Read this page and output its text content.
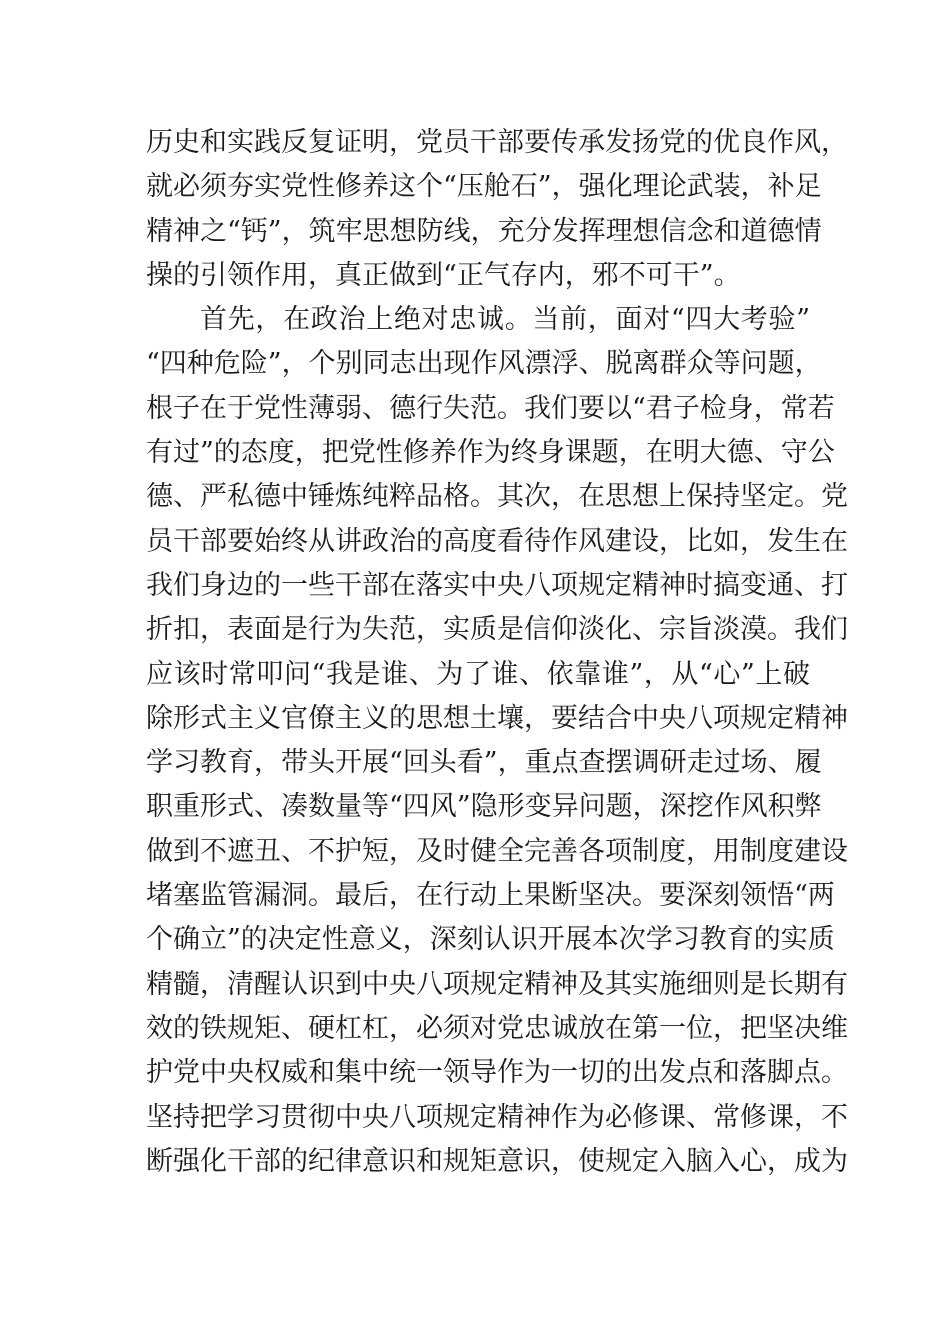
历史和实践反复证明，党员干部要传承发扬党的优良作风，
就必须夯实党性修养这个“压舱石”，强化理论武装，补足
精神之“钙”，筑牢思想防线，充分发挥理想信念和道德情
操的引领作用，真正做到“正气存内，邪不可干”。
首先，在政治上绝对忠诚。当前，面对“四大考验”
“四种危险”，个别同志出现作风漂浮、脱离群众等问题，
根子在于党性薄弱、德行失范。我们要以“君子检身，常若
有过”的态度，把党性修养作为终身课题，在明大德、守公
德、严私德中锤炼纯粹品格。其次，在思想上保持坚定。党
员干部要始终从讲政治的高度看待作风建设，比如，发生在
我们身边的一些干部在落实中央八项规定精神时搞变通、打
折扣，表面是行为失范，实质是信仰淡化、宗旨淡漠。我们
应该时常叩问“我是谁、为了谁、依靠谁”，从“心”上破
除形式主义官僚主义的思想土壤，要结合中央八项规定精神
学习教育，带头开展“回头看”，重点查摆调研走过场、履
职重形式、凑数量等“四风”隐形变异问题，深挖作风积弊
做到不遮丑、不护短，及时健全完善各项制度，用制度建设
堵塞监管漏洞。最后，在行动上果断坚决。要深刻领悟“两
个确立”的决定性意义，深刻认识开展本次学习教育的实质
精髓，清醒认识到中央八项规定精神及其实施细则是长期有
效的铁规矩、硬杠杠，必须对党忠诚放在第一位，把坚决维
护党中央权威和集中统一领导作为一切的出发点和落脚点。
坚持把学习贯彻中央八项规定精神作为必修课、常修课，不
断强化干部的纪律意识和规矩意识，使规定入脑入心，成为
